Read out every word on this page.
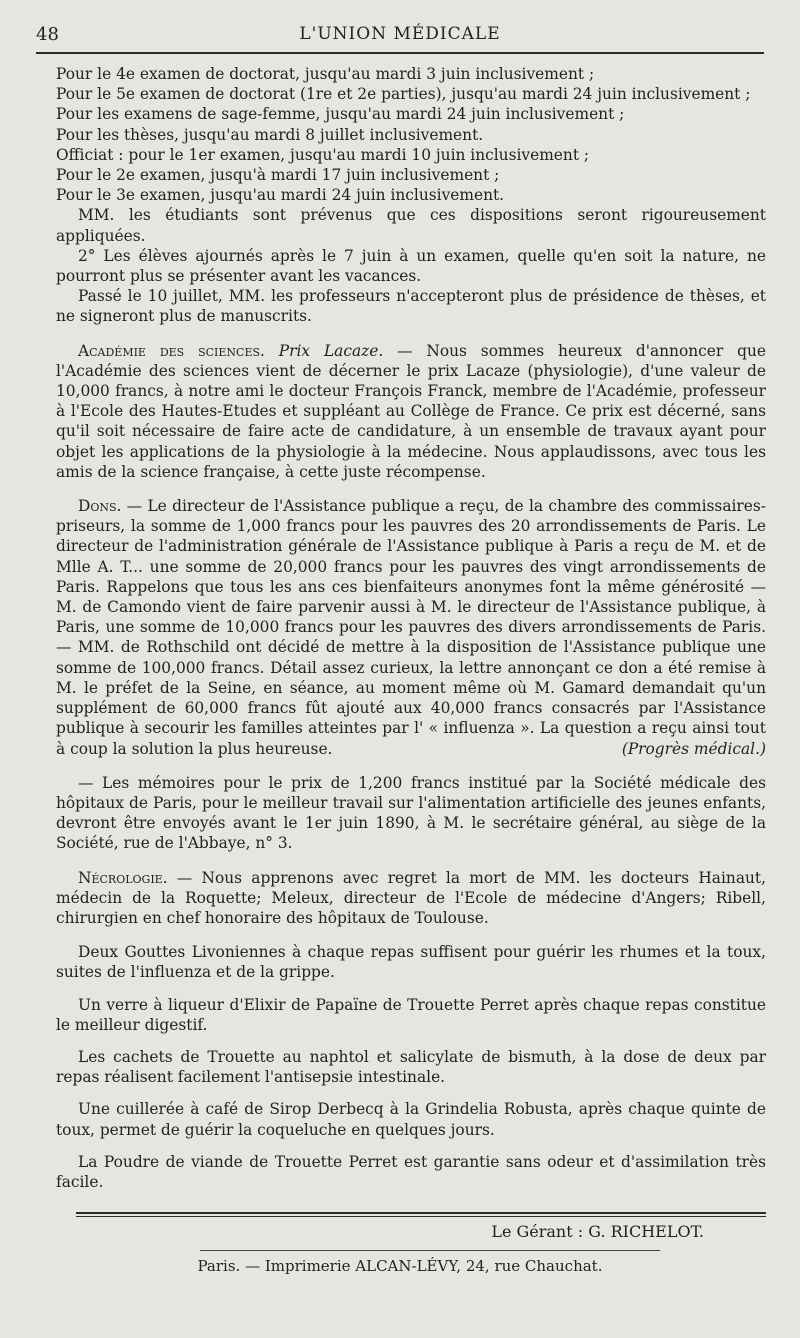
48	L'UNION MÉDICALE

Pour le 4e examen de doctorat, jusqu'au mardi 3 juin inclusivement ;

Pour le 5e examen de doctorat (1re et 2e parties), jusqu'au mardi 24 juin inclusivement ;

Pour les examens de sage-femme, jusqu'au mardi 24 juin inclusivement ;

Pour les thèses, jusqu'au mardi 8 juillet inclusivement.

Officiat : pour le 1er examen, jusqu'au mardi 10 juin inclusivement ;

Pour le 2e examen, jusqu'à mardi 17 juin inclusivement ;

Pour le 3e examen, jusqu'au mardi 24 juin inclusivement.

MM. les étudiants sont prévenus que ces dispositions seront rigoureusement appliquées.

2° Les élèves ajournés après le 7 juin à un examen, quelle qu'en soit la nature, ne pourront plus se présenter avant les vacances.

Passé le 10 juillet, MM. les professeurs n'accepteront plus de présidence de thèses, et ne signeront plus de manuscrits.

Académie des sciences. Prix Lacaze. — Nous sommes heureux d'annoncer que l'Académie des sciences vient de décerner le prix Lacaze (physiologie), d'une valeur de 10,000 francs, à notre ami le docteur François Franck, membre de l'Académie, professeur à l'Ecole des Hautes-Etudes et suppléant au Collège de France. Ce prix est décerné, sans qu'il soit nécessaire de faire acte de candidature, à un ensemble de travaux ayant pour objet les applications de la physiologie à la médecine. Nous applaudissons, avec tous les amis de la science française, à cette juste récompense.

Dons. — Le directeur de l'Assistance publique a reçu, de la chambre des commissaires-priseurs, la somme de 1,000 francs pour les pauvres des 20 arrondissements de Paris. Le directeur de l'administration générale de l'Assistance publique à Paris a reçu de M. et de Mlle A. T... une somme de 20,000 francs pour les pauvres des vingt arrondissements de Paris. Rappelons que tous les ans ces bienfaiteurs anonymes font la même générosité — M. de Camondo vient de faire parvenir aussi à M. le directeur de l'Assistance publique, à Paris, une somme de 10,000 francs pour les pauvres des divers arrondissements de Paris. — MM. de Rothschild ont décidé de mettre à la disposition de l'Assistance publique une somme de 100,000 francs. Détail assez curieux, la lettre annonçant ce don a été remise à M. le préfet de la Seine, en séance, au moment même où M. Gamard demandait qu'un supplément de 60,000 francs fût ajouté aux 40,000 francs consacrés par l'Assistance publique à secourir les familles atteintes par l' « influenza ». La question a reçu ainsi tout à coup la solution la plus heureuse.	(Progrès médical.)

— Les mémoires pour le prix de 1,200 francs institué par la Société médicale des hôpitaux de Paris, pour le meilleur travail sur l'alimentation artificielle des jeunes enfants, devront être envoyés avant le 1er juin 1890, à M. le secrétaire général, au siège de la Société, rue de l'Abbaye, n° 3.

Nécrologie. — Nous apprenons avec regret la mort de MM. les docteurs Hainaut, médecin de la Roquette; Meleux, directeur de l'Ecole de médecine d'Angers; Ribell, chirurgien en chef honoraire des hôpitaux de Toulouse.

Deux Gouttes Livoniennes à chaque repas suffisent pour guérir les rhumes et la toux, suites de l'influenza et de la grippe.

Un verre à liqueur d'Elixir de Papaïne de Trouette Perret après chaque repas constitue le meilleur digestif.

Les cachets de Trouette au naphtol et salicylate de bismuth, à la dose de deux par repas réalisent facilement l'antisepsie intestinale.

Une cuillerée à café de Sirop Derbecq à la Grindelia Robusta, après chaque quinte de toux, permet de guérir la coqueluche en quelques jours.

La Poudre de viande de Trouette Perret est garantie sans odeur et d'assimilation très facile.

Le Gérant : G. RICHELOT.
Paris. — Imprimerie ALCAN-LÉVY, 24, rue Chauchat.
